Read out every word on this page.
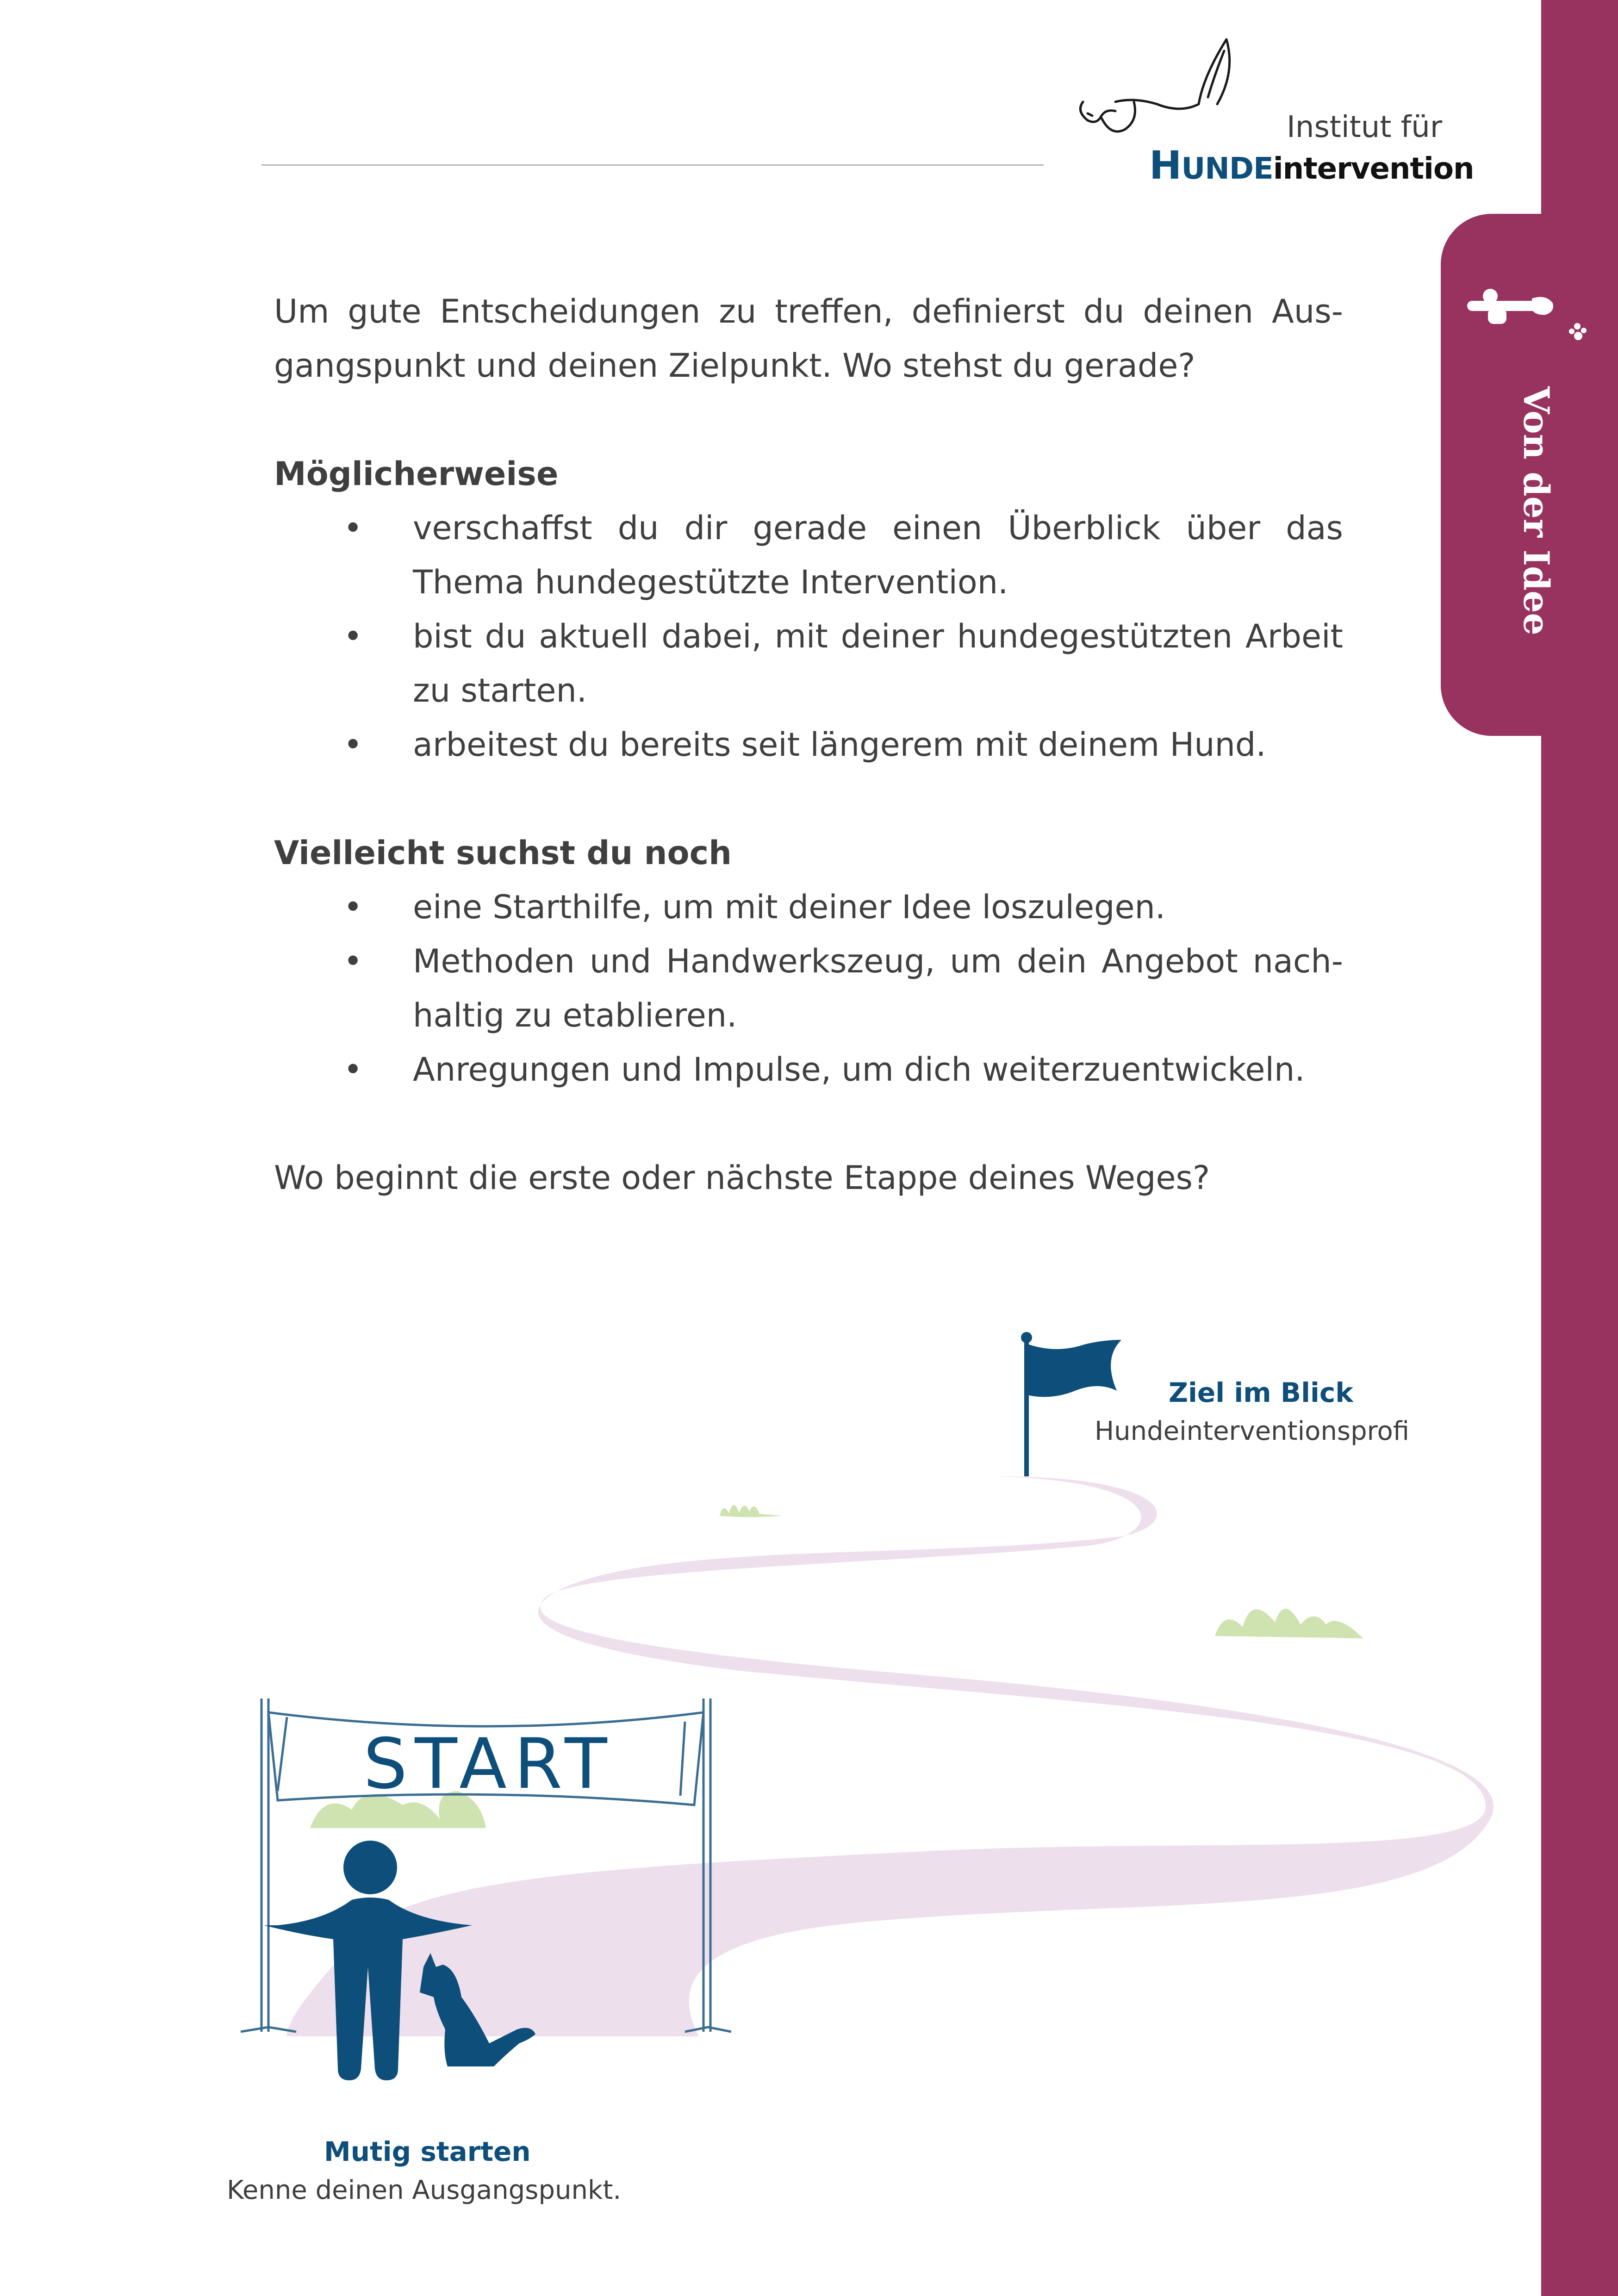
Von der Idee
Institut für
HUNDEintervention

Um gute Entscheidungen zu treffen, definierst du deinen Aus-gangspunkt und deinen Zielpunkt. Wo stehst du gerade?

Möglicherweise

• verschaffst du dir gerade einen Überblick über das Thema hundegestützte Intervention.
• bist du aktuell dabei, mit deiner hundegestützten Arbeit zu starten.
• arbeitest du bereits seit längerem mit deinem Hund.

Vielleicht suchst du noch

• eine Starthilfe, um mit deiner Idee loszulegen.
• Methoden und Handwerkszeug, um dein Angebot nach-haltig zu etablieren.
• Anregungen und Impulse, um dich weiterzuentwickeln.

Wo beginnt die erste oder nächste Etappe deines Weges?

Ziel im Blick
Hundeinterventionsprofi
START
Mutig starten
Kenne deinen Ausgangspunkt.
